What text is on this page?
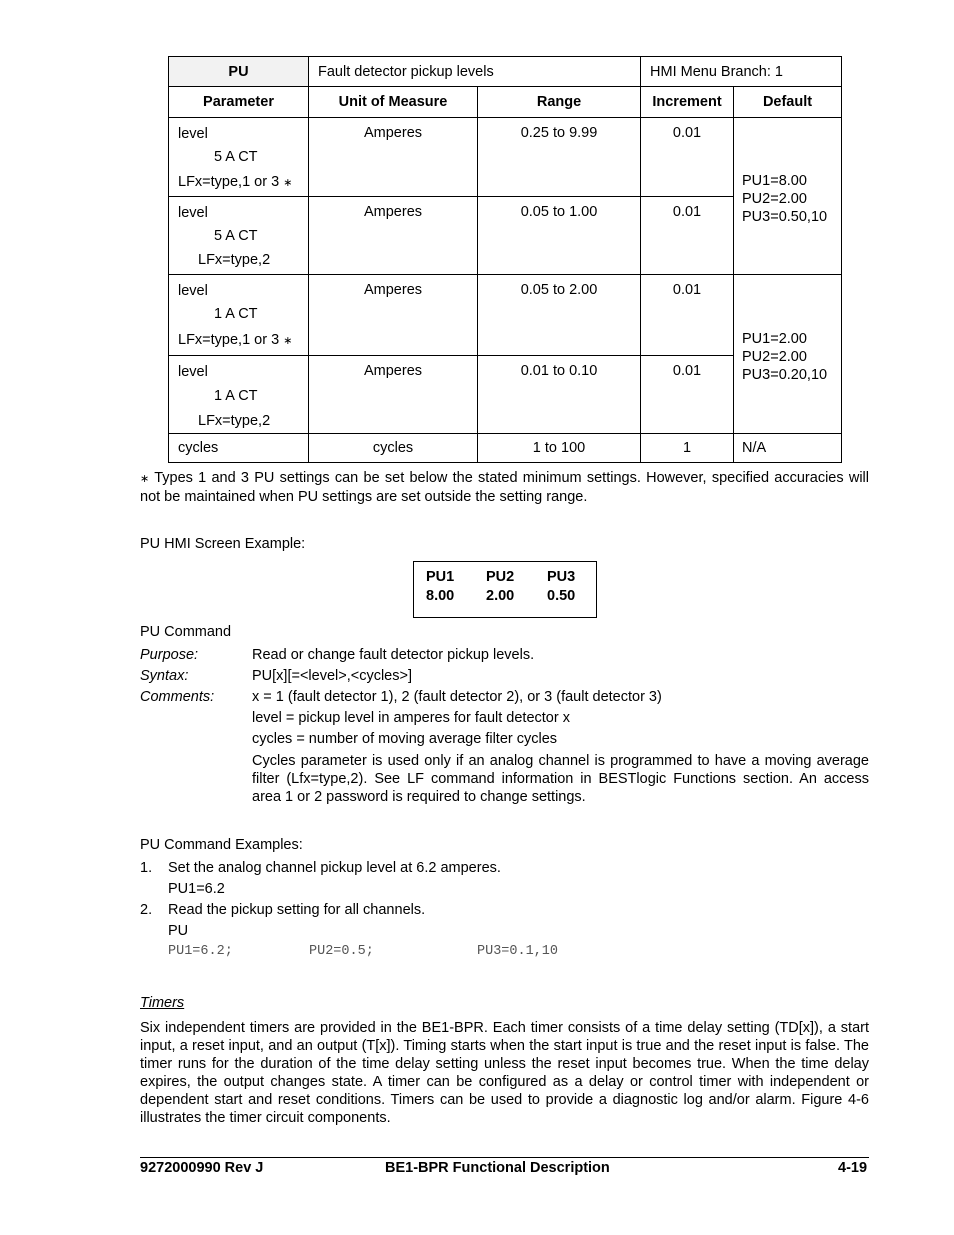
PU	Fault detector pickup levels		HMI Menu Branch: 1	
Parameter	Unit of Measure	Range	Increment	Default

level
5 A CT
LFx=type,1 or 3 ∗	Amperes	0.25 to 9.99	0.01	PU1=8.00
PU2=2.00
PU3=0.50,10

level
5 A CT
LFx=type,2	Amperes	0.05 to 1.00	0.01	

level
1 A CT
LFx=type,1 or 3 ∗	Amperes	0.05 to 2.00	0.01	PU1=2.00
PU2=2.00
PU3=0.20,10

level
1 A CT
LFx=type,2	Amperes	0.01 to 0.10	0.01	
cycles	cycles	1 to 100	1	N/A
∗ Types 1 and 3 PU settings can be set below the stated minimum settings. However, specified accuracies will not be maintained when PU settings are set outside the setting range.
PU HMI Screen Example:
PU1 PU2 PU3
8.00 2.00 0.50
PU Command
Purpose:	Read or change fault detector pickup levels.
Syntax:	PU[x][=<level>,<cycles>]
Comments:	x = 1 (fault detector 1), 2 (fault detector 2), or 3 (fault detector 3)
level = pickup level in amperes for fault detector x
cycles = number of moving average filter cycles
Cycles parameter is used only if an analog channel is programmed to have a moving average filter (Lfx=type,2). See LF command information in BESTlogic Functions section. An access area 1 or 2 password is required to change settings.
PU Command Examples:
1. Set the analog channel pickup level at 6.2 amperes.
PU1=6.2
2. Read the pickup setting for all channels.
PU
PU1=6.2;	PU2=0.5;	PU3=0.1,10
Timers
Six independent timers are provided in the BE1-BPR. Each timer consists of a time delay setting (TD[x]), a start input, a reset input, and an output (T[x]). Timing starts when the start input is true and the reset input is false. The timer runs for the duration of the time delay setting unless the reset input becomes true. When the time delay expires, the output changes state. A timer can be configured as a delay or control timer with independent or dependent start and reset conditions. Timers can be used to provide a diagnostic log and/or alarm. Figure 4-6 illustrates the timer circuit components.
9272000990 Rev J	BE1-BPR Functional Description	4-19
